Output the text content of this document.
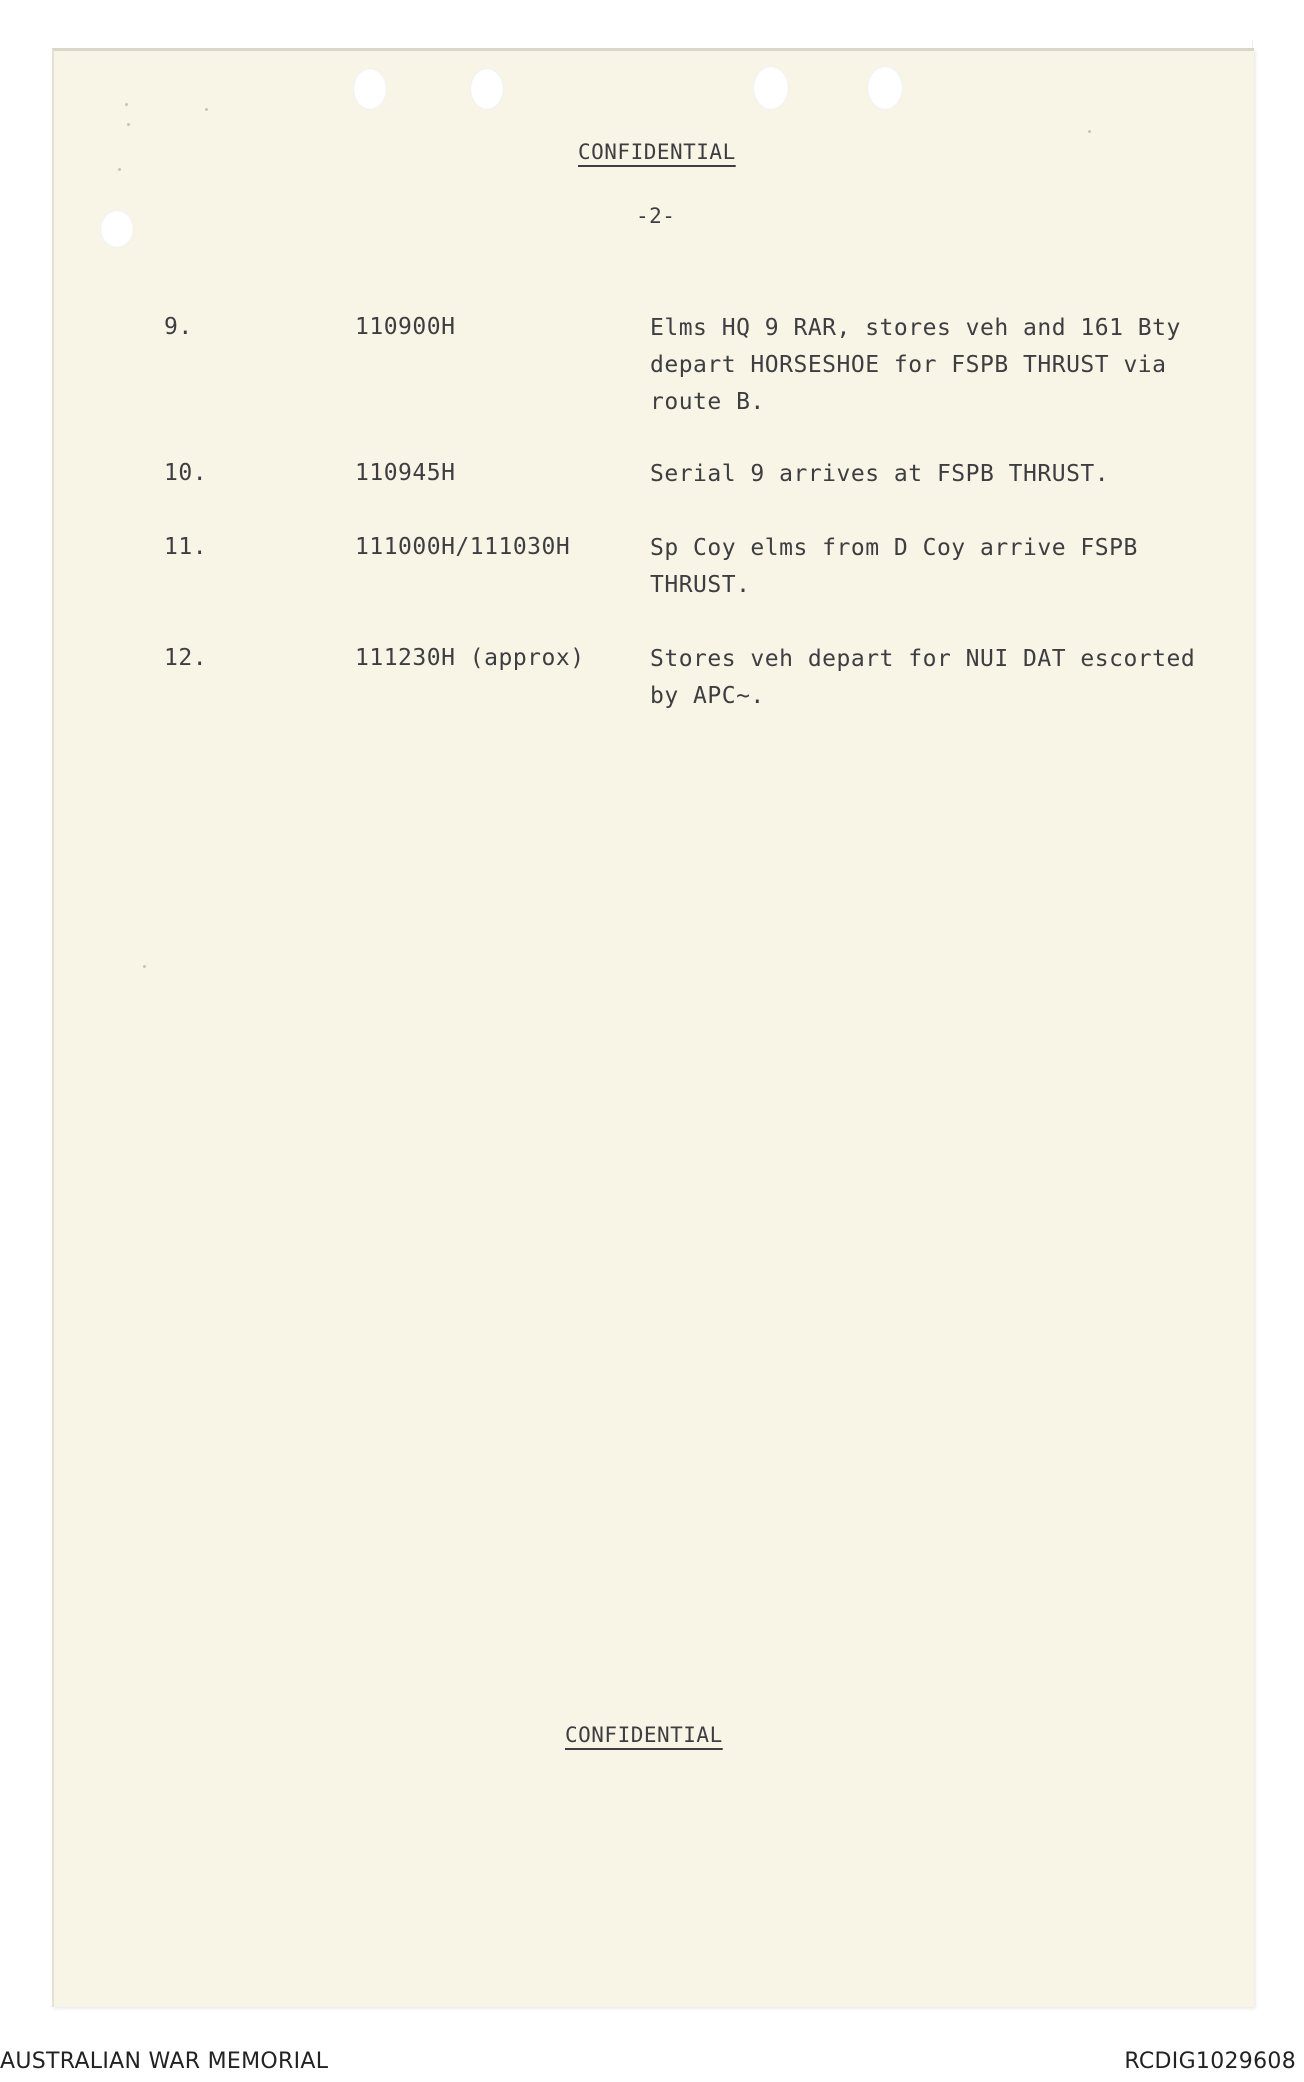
CONFIDENTIAL
-2-
9.	110900H	Elms HQ 9 RAR, stores veh and 161 Bty depart HORSESHOE for FSPB THRUST via route B.
10.	110945H	Serial 9 arrives at FSPB THRUST.
11.	111000H/111030H	Sp Coy elms from D Coy arrive FSPB THRUST.
12.	111230H (approx)	Stores veh depart for NUI DAT escorted by APC~.
CONFIDENTIAL
AUSTRALIAN WAR MEMORIAL	RCDIG1029608
